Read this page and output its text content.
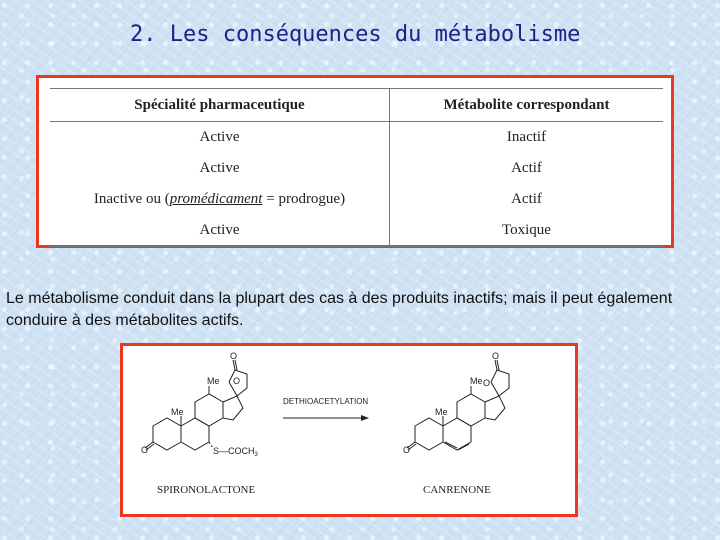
2. Les conséquences du métabolisme
Spécialité pharmaceutique	Métabolite correspondant
Active	Inactif
Active	Actif
Inactive ou (promédicament = prodrogue)	Actif
Active	Toxique
Le métabolisme conduit dans la plupart des cas à des produits inactifs; mais il peut également conduire à des métabolites actifs.
O
O
O
Me
Me
$S—COCH_3$
SPIRONOLACTONE
DETHIOACETYLATION
O
O
O
Me
Me
CANRENONE
